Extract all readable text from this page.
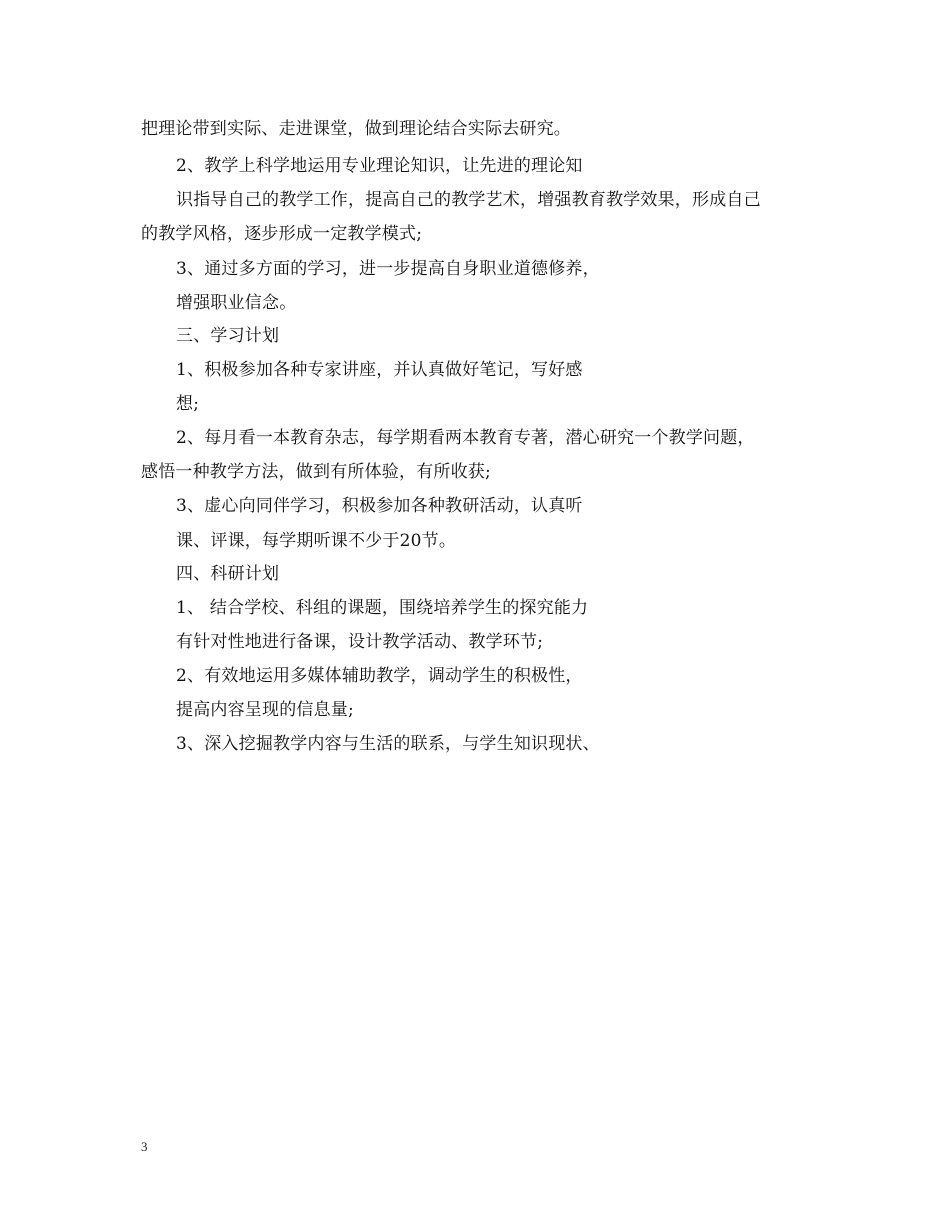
把理论带到实际、走进课堂，做到理论结合实际去研究。
2、教学上科学地运用专业理论知识，让先进的理论知
识指导自己的教学工作，提高自己的教学艺术，增强教育教学效果，形成自己
的教学风格，逐步形成一定教学模式;
3、通过多方面的学习，进一步提高自身职业道德修养，
增强职业信念。
三、学习计划
1、积极参加各种专家讲座，并认真做好笔记，写好感
想;
2、每月看一本教育杂志，每学期看两本教育专著，潜心研究一个教学问题，
感悟一种教学方法，做到有所体验，有所收获;
3、虚心向同伴学习，积极参加各种教研活动，认真听
课、评课，每学期听课不少于20节。
四、科研计划
1、 结合学校、科组的课题，围绕培养学生的探究能力
有针对性地进行备课，设计教学活动、教学环节;
2、有效地运用多媒体辅助教学，调动学生的积极性，
提高内容呈现的信息量;
3、深入挖掘教学内容与生活的联系，与学生知识现状、
3
